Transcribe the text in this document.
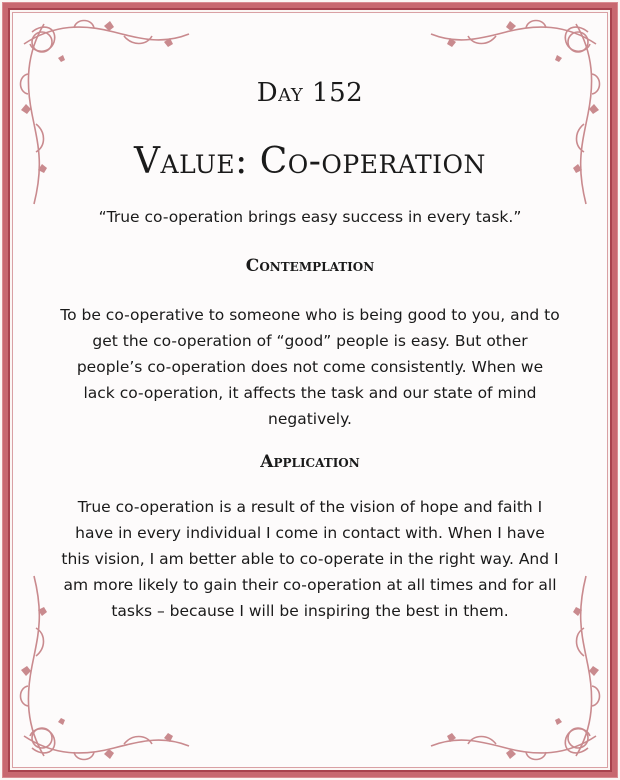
Day 152
Value: Co-operation
“True co-operation brings easy success in every task.”
Contemplation
To be co-operative to someone who is being good to you, and to get the co-operation of “good” people is easy. But other people’s co-operation does not come consistently. When we lack co-operation, it affects the task and our state of mind negatively.
Application
True co-operation is a result of the vision of hope and faith I have in every individual I come in contact with. When I have this vision, I am better able to co-operate in the right way. And I am more likely to gain their co-operation at all times and for all tasks – because I will be inspiring the best in them.
